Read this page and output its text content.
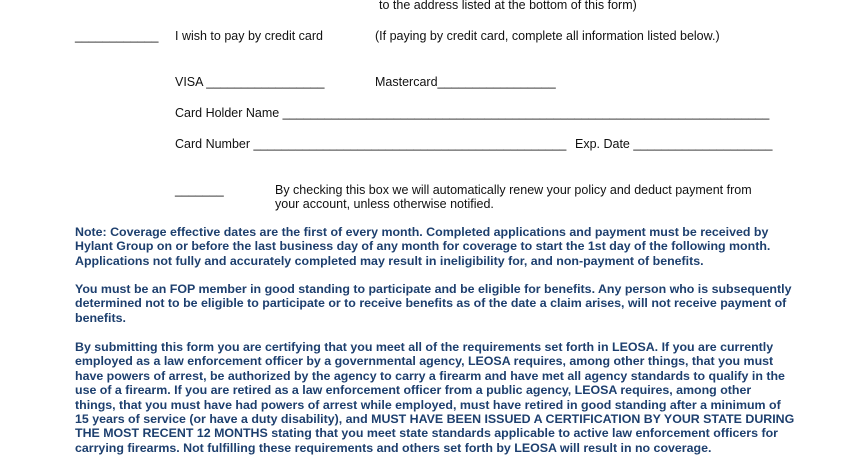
to the address listed at the bottom of this form)
____________ I wish to pay by credit card	(If paying by credit card, complete all information listed below.)
VISA _________________	Mastercard_________________
Card Holder Name ______________________________________________________________________
Card Number _____________________________________________ Exp. Date ____________________
_______	By checking this box we will automatically renew your policy and deduct payment from
your account, unless otherwise notified.

Note: Coverage effective dates are the first of every month. Completed applications and payment must be received by Hylant Group on or before the last business day of any month for coverage to start the 1st day of the following month. Applications not fully and accurately completed may result in ineligibility for, and non-payment of benefits.

You must be an FOP member in good standing to participate and be eligible for benefits. Any person who is subsequently determined not to be eligible to participate or to receive benefits as of the date a claim arises, will not receive payment of benefits.

By submitting this form you are certifying that you meet all of the requirements set forth in LEOSA. If you are currently employed as a law enforcement officer by a governmental agency, LEOSA requires, among other things, that you must have powers of arrest, be authorized by the agency to carry a firearm and have met all agency standards to qualify in the use of a firearm. If you are retired as a law enforcement officer from a public agency, LEOSA requires, among other things, that you must have had powers of arrest while employed, must have retired in good standing after a minimum of 15 years of service (or have a duty disability), and MUST HAVE BEEN ISSUED A CERTIFICATION BY YOUR STATE DURING THE MOST RECENT 12 MONTHS stating that you meet state standards applicable to active law enforcement officers for carrying firearms. Not fulfilling these requirements and others set forth by LEOSA will result in no coverage.
